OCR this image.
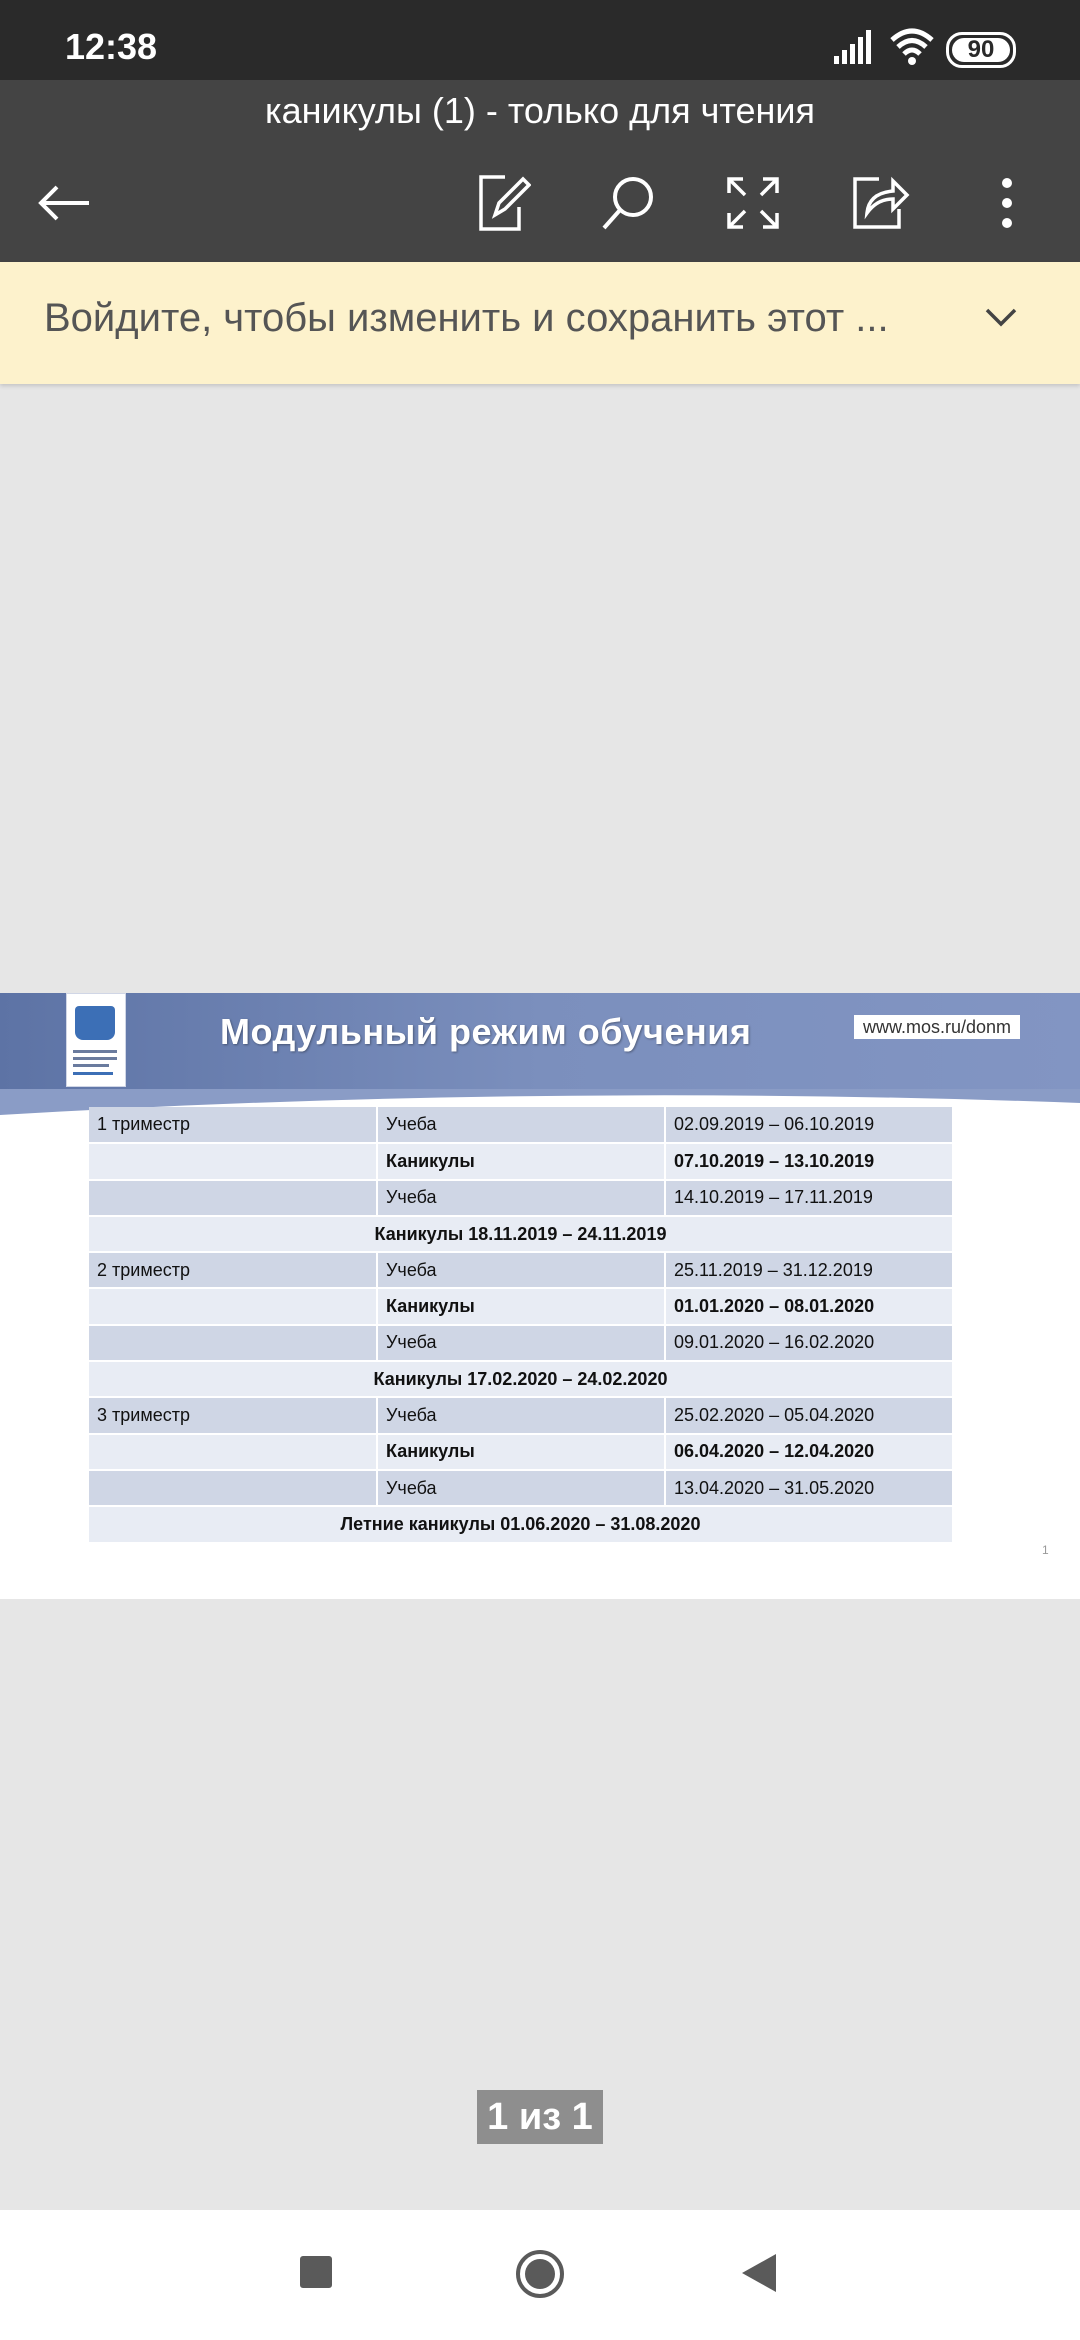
12:38	90
каникулы (1) - только для чтения
Войдите, чтобы изменить и сохранить этот ...
Модульный режим обучения	www.mos.ru/donm
1 триместр	Учеба	02.09.2019 – 06.10.2019
	Каникулы	07.10.2019 – 13.10.2019
	Учеба	14.10.2019 – 17.11.2019
Каникулы 18.11.2019 – 24.11.2019		
2 триместр	Учеба	25.11.2019 – 31.12.2019
	Каникулы	01.01.2020 – 08.01.2020
	Учеба	09.01.2020 – 16.02.2020
Каникулы 17.02.2020 – 24.02.2020		
3 триместр	Учеба	25.02.2020 – 05.04.2020
	Каникулы	06.04.2020 – 12.04.2020
	Учеба	13.04.2020 – 31.05.2020
Летние каникулы 01.06.2020 – 31.08.2020		
1
1 из 1
